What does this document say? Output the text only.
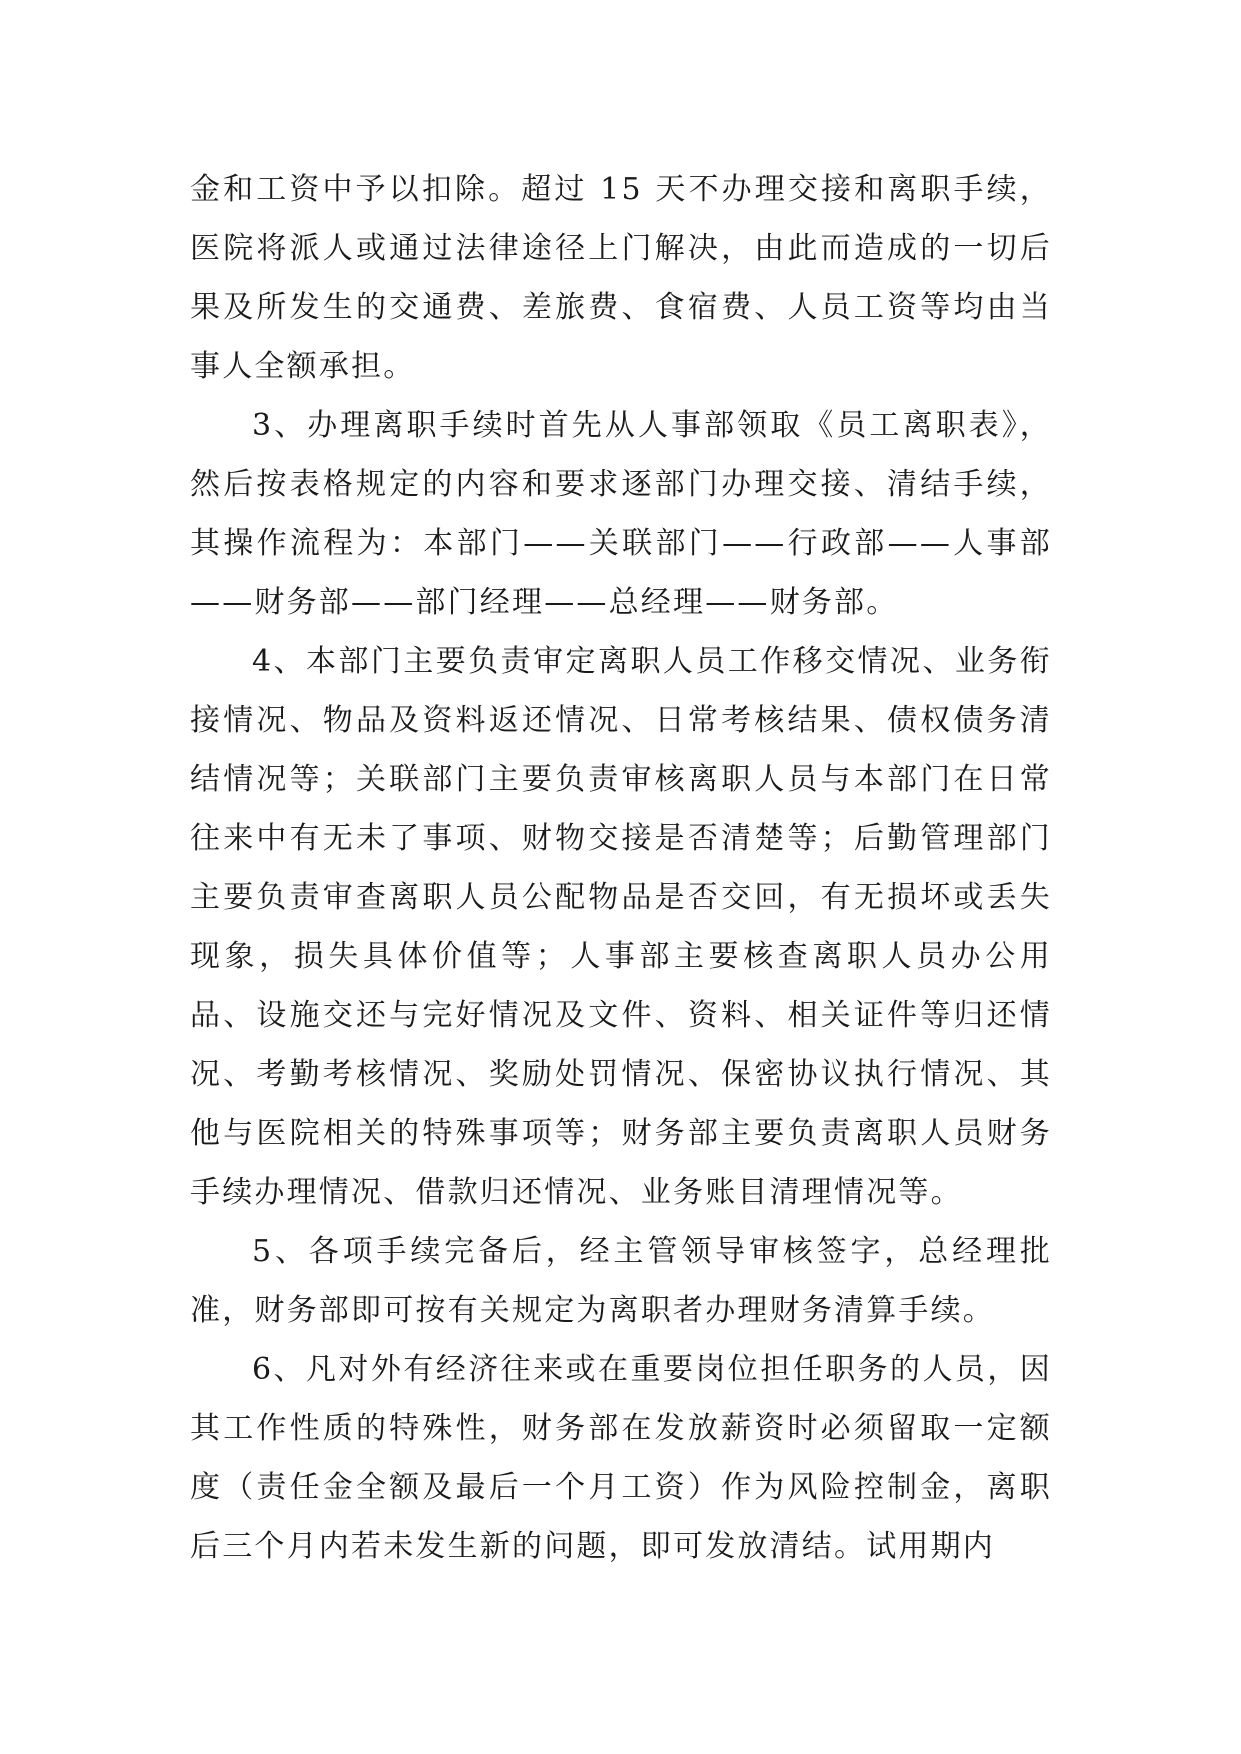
金和工资中予以扣除。超过 15 天不办理交接和离职手续，医院将派人或通过法律途径上门解决，由此而造成的一切后果及所发生的交通费、差旅费、食宿费、人员工资等均由当事人全额承担。

3、办理离职手续时首先从人事部领取《员工离职表》，然后按表格规定的内容和要求逐部门办理交接、清结手续，其操作流程为：本部门——关联部门——行政部——人事部——财务部——部门经理——总经理——财务部。

4、本部门主要负责审定离职人员工作移交情况、业务衔接情况、物品及资料返还情况、日常考核结果、债权债务清结情况等；关联部门主要负责审核离职人员与本部门在日常往来中有无未了事项、财物交接是否清楚等；后勤管理部门主要负责审查离职人员公配物品是否交回，有无损坏或丢失现象，损失具体价值等；人事部主要核查离职人员办公用品、设施交还与完好情况及文件、资料、相关证件等归还情况、考勤考核情况、奖励处罚情况、保密协议执行情况、其他与医院相关的特殊事项等；财务部主要负责离职人员财务手续办理情况、借款归还情况、业务账目清理情况等。

5、各项手续完备后，经主管领导审核签字，总经理批准，财务部即可按有关规定为离职者办理财务清算手续。

6、凡对外有经济往来或在重要岗位担任职务的人员，因其工作性质的特殊性，财务部在发放薪资时必须留取一定额度（责任金全额及最后一个月工资）作为风险控制金，离职后三个月内若未发生新的问题，即可发放清结。试用期内
